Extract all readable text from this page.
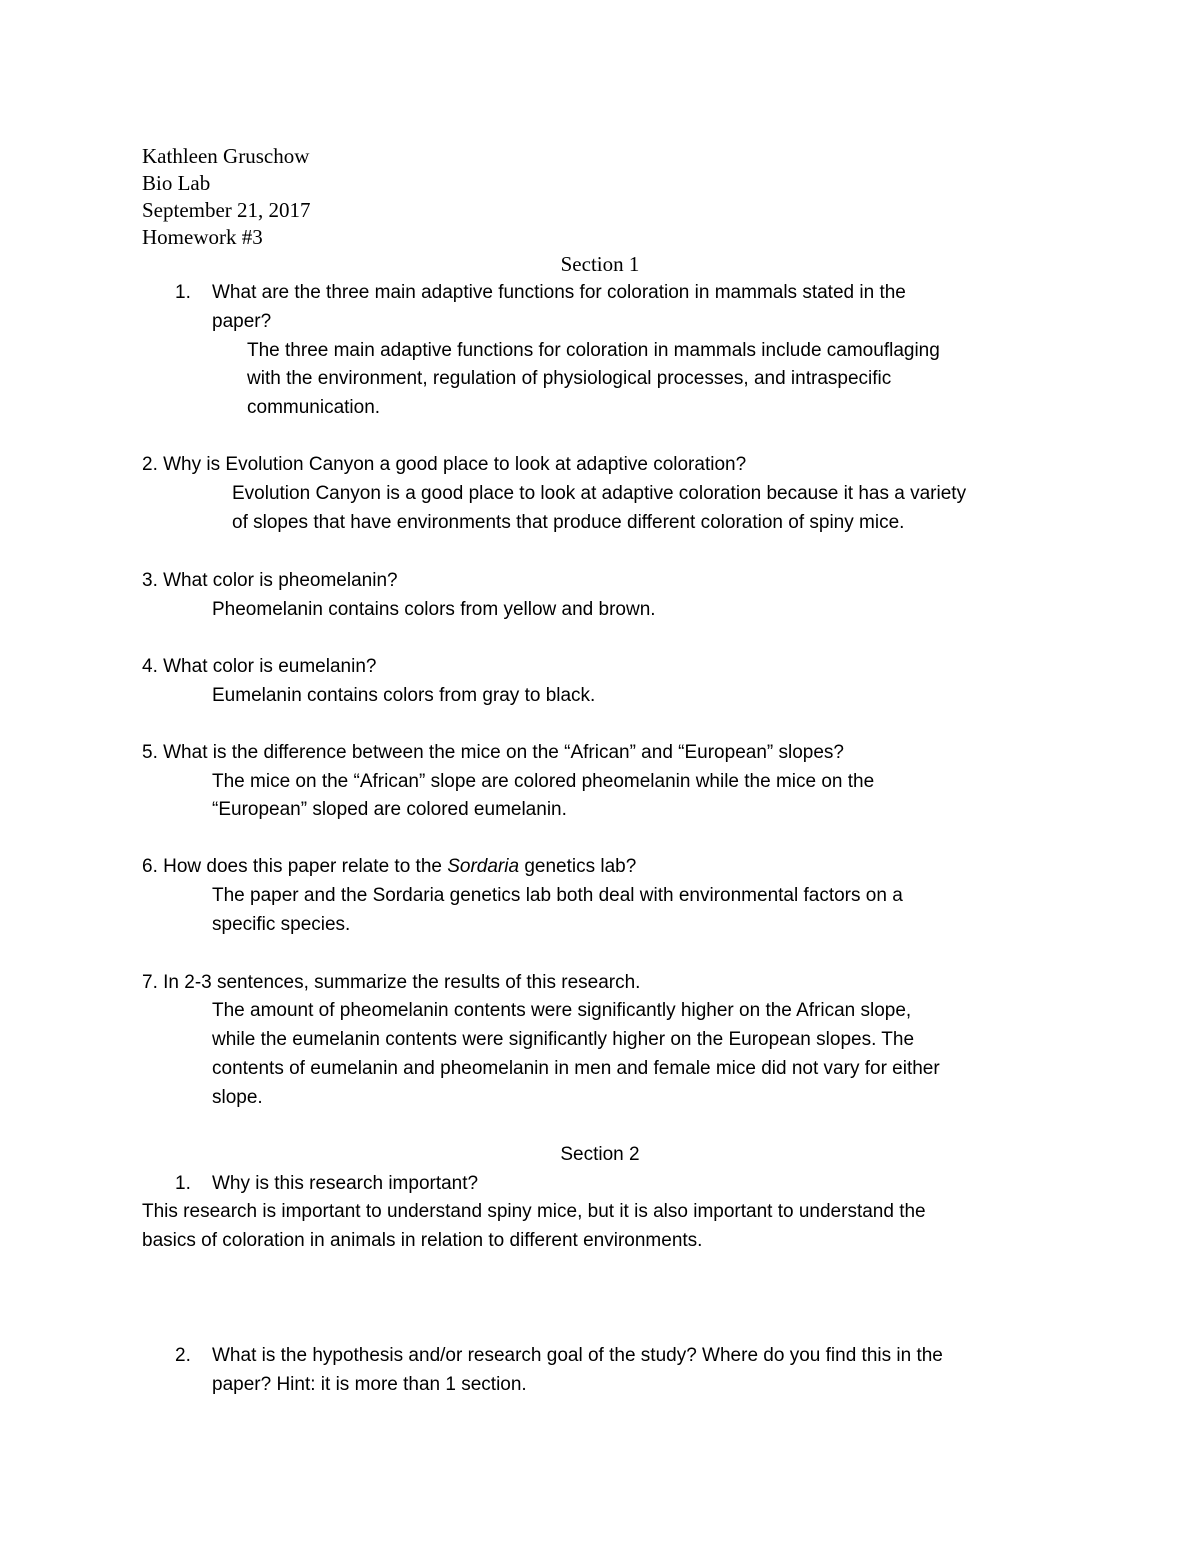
Kathleen Gruschow
Bio Lab
September 21, 2017
Homework #3
Section 1
1. What are the three main adaptive functions for coloration in mammals stated in the
paper?
The three main adaptive functions for coloration in mammals include camouflaging
with the environment, regulation of physiological processes, and intraspecific
communication.
2. Why is Evolution Canyon a good place to look at adaptive coloration?
Evolution Canyon is a good place to look at adaptive coloration because it has a variety
of slopes that have environments that produce different coloration of spiny mice.
3. What color is pheomelanin?
Pheomelanin contains colors from yellow and brown.
4. What color is eumelanin?
Eumelanin contains colors from gray to black.
5. What is the difference between the mice on the “African” and “European” slopes?
The mice on the “African” slope are colored pheomelanin while the mice on the
“European” sloped are colored eumelanin.
6. How does this paper relate to the Sordaria genetics lab?
The paper and the Sordaria genetics lab both deal with environmental factors on a
specific species.
7. In 2-3 sentences, summarize the results of this research.
The amount of pheomelanin contents were significantly higher on the African slope,
while the eumelanin contents were significantly higher on the European slopes. The
contents of eumelanin and pheomelanin in men and female mice did not vary for either
slope.
Section 2
1. Why is this research important?
This research is important to understand spiny mice, but it is also important to understand the
basics of coloration in animals in relation to different environments.
2. What is the hypothesis and/or research goal of the study? Where do you find this in the
paper? Hint: it is more than 1 section.
